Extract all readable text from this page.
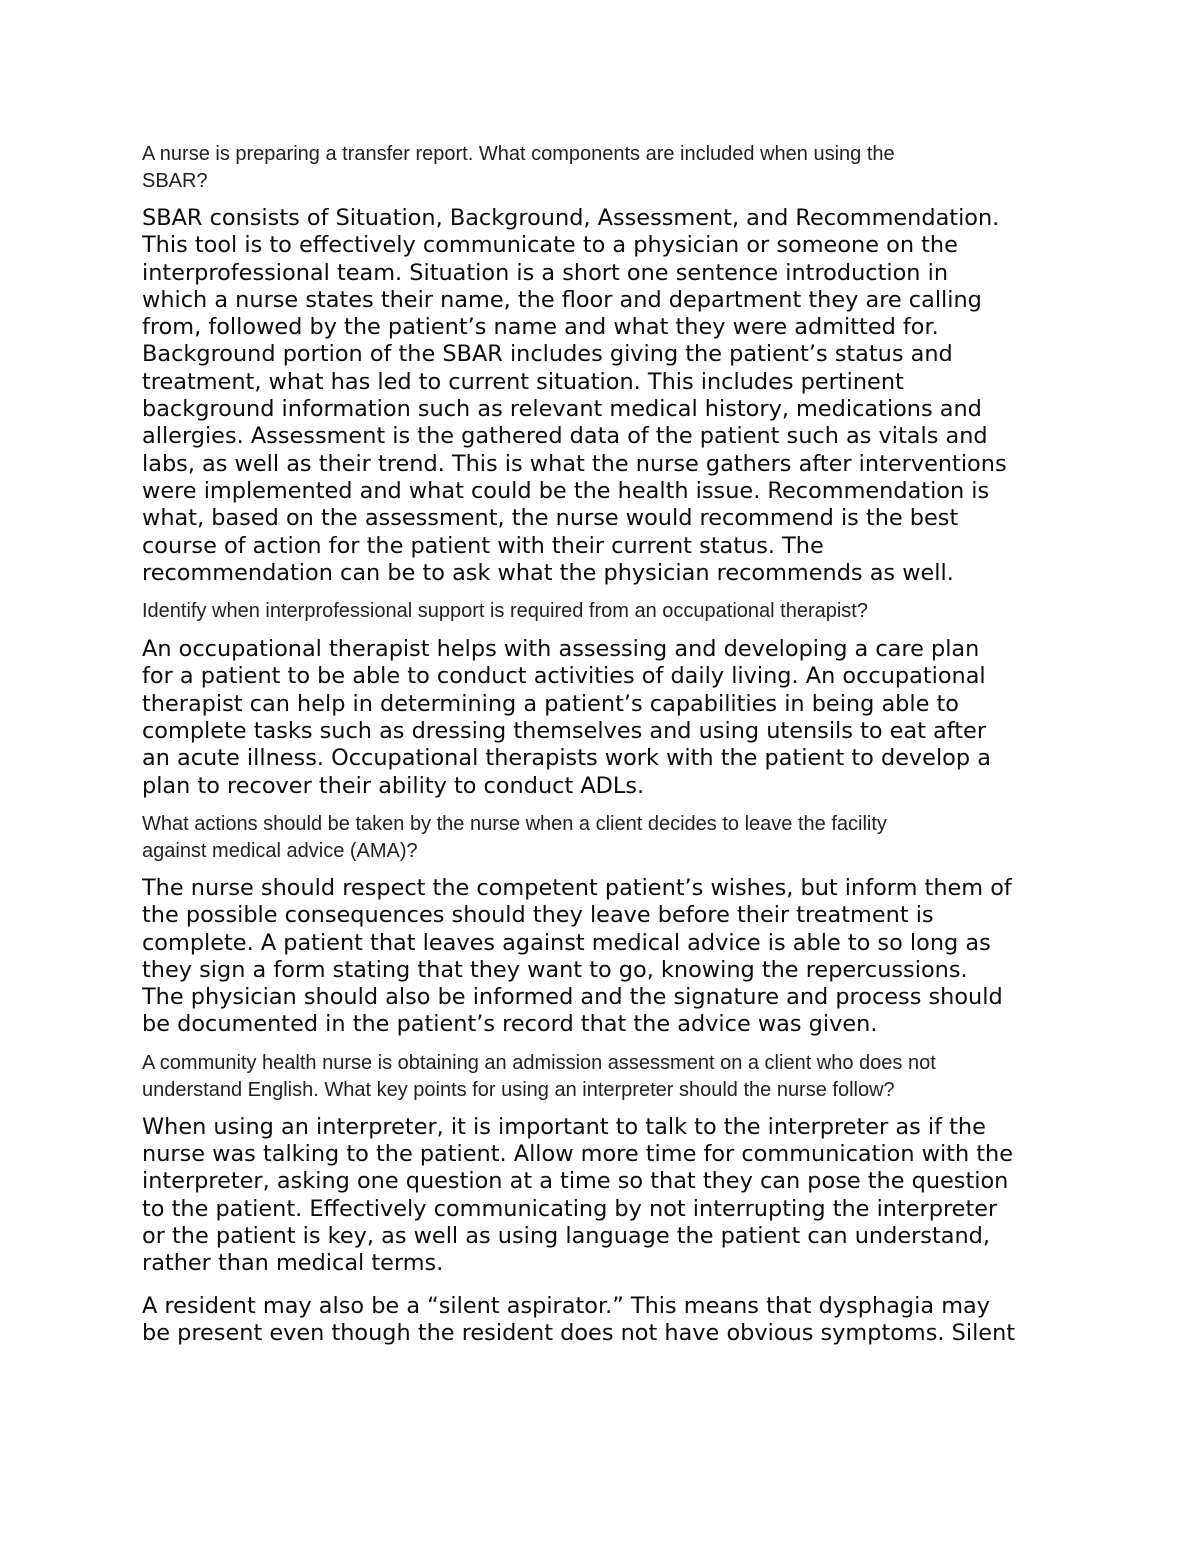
A nurse is preparing a transfer report. What components are included when using the
SBAR?

SBAR consists of Situation, Background, Assessment, and Recommendation.
This tool is to effectively communicate to a physician or someone on the
interprofessional team. Situation is a short one sentence introduction in
which a nurse states their name, the floor and department they are calling
from, followed by the patient’s name and what they were admitted for.
Background portion of the SBAR includes giving the patient’s status and
treatment, what has led to current situation. This includes pertinent
background information such as relevant medical history, medications and
allergies. Assessment is the gathered data of the patient such as vitals and
labs, as well as their trend. This is what the nurse gathers after interventions
were implemented and what could be the health issue. Recommendation is
what, based on the assessment, the nurse would recommend is the best
course of action for the patient with their current status. The
recommendation can be to ask what the physician recommends as well.

Identify when interprofessional support is required from an occupational therapist?

An occupational therapist helps with assessing and developing a care plan
for a patient to be able to conduct activities of daily living. An occupational
therapist can help in determining a patient’s capabilities in being able to
complete tasks such as dressing themselves and using utensils to eat after
an acute illness. Occupational therapists work with the patient to develop a
plan to recover their ability to conduct ADLs.

What actions should be taken by the nurse when a client decides to leave the facility
against medical advice (AMA)?

The nurse should respect the competent patient’s wishes, but inform them of
the possible consequences should they leave before their treatment is
complete. A patient that leaves against medical advice is able to so long as
they sign a form stating that they want to go, knowing the repercussions.
The physician should also be informed and the signature and process should
be documented in the patient’s record that the advice was given.

A community health nurse is obtaining an admission assessment on a client who does not
understand English. What key points for using an interpreter should the nurse follow?

When using an interpreter, it is important to talk to the interpreter as if the
nurse was talking to the patient. Allow more time for communication with the
interpreter, asking one question at a time so that they can pose the question
to the patient. Effectively communicating by not interrupting the interpreter
or the patient is key, as well as using language the patient can understand,
rather than medical terms.

A resident may also be a “silent aspirator.” This means that dysphagia may
be present even though the resident does not have obvious symptoms. Silent
